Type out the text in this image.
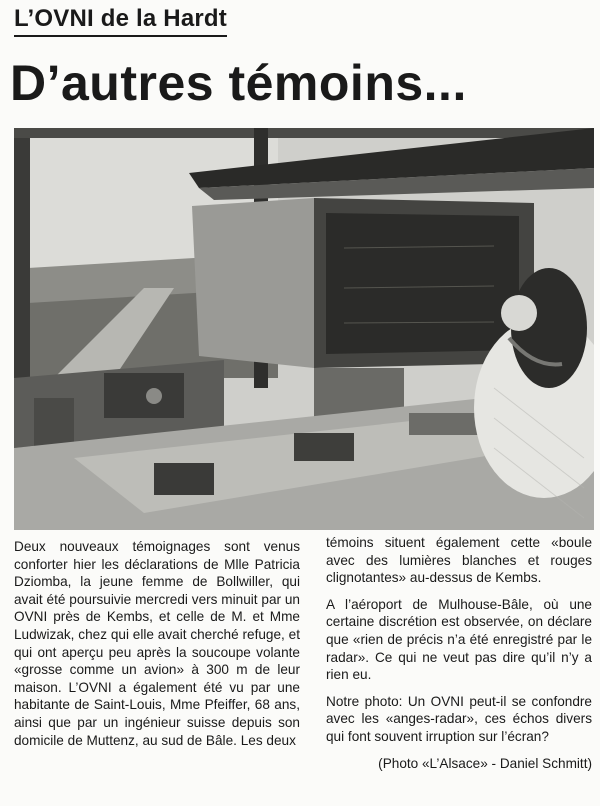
L’OVNI de la Hardt
D’autres témoins...

Deux nouveaux témoignages sont venus conforter hier les déclarations de Mlle Patricia Dziomba, la jeune femme de Bollwiller, qui avait été poursuivie mercredi vers minuit par un OVNI près de Kembs, et celle de M. et Mme Ludwizak, chez qui elle avait cherché refuge, et qui ont aperçu peu après la soucoupe volante «grosse comme un avion» à 300 m de leur maison. L’OVNI a également été vu par une habitante de Saint-Louis, Mme Pfeiffer, 68 ans, ainsi que par un ingénieur suisse depuis son domicile de Muttenz, au sud de Bâle. Les deux

témoins situent également cette «boule avec des lumières blanches et rouges clignotantes» au-dessus de Kembs.

A l’aéroport de Mulhouse-Bâle, où une certaine discrétion est observée, on déclare que «rien de précis n’a été enregistré par le radar». Ce qui ne veut pas dire qu’il n’y a rien eu.

Notre photo: Un OVNI peut-il se confondre avec les «anges-radar», ces échos divers qui font souvent irruption sur l’écran?

(Photo «L’Alsace» - Daniel Schmitt)
